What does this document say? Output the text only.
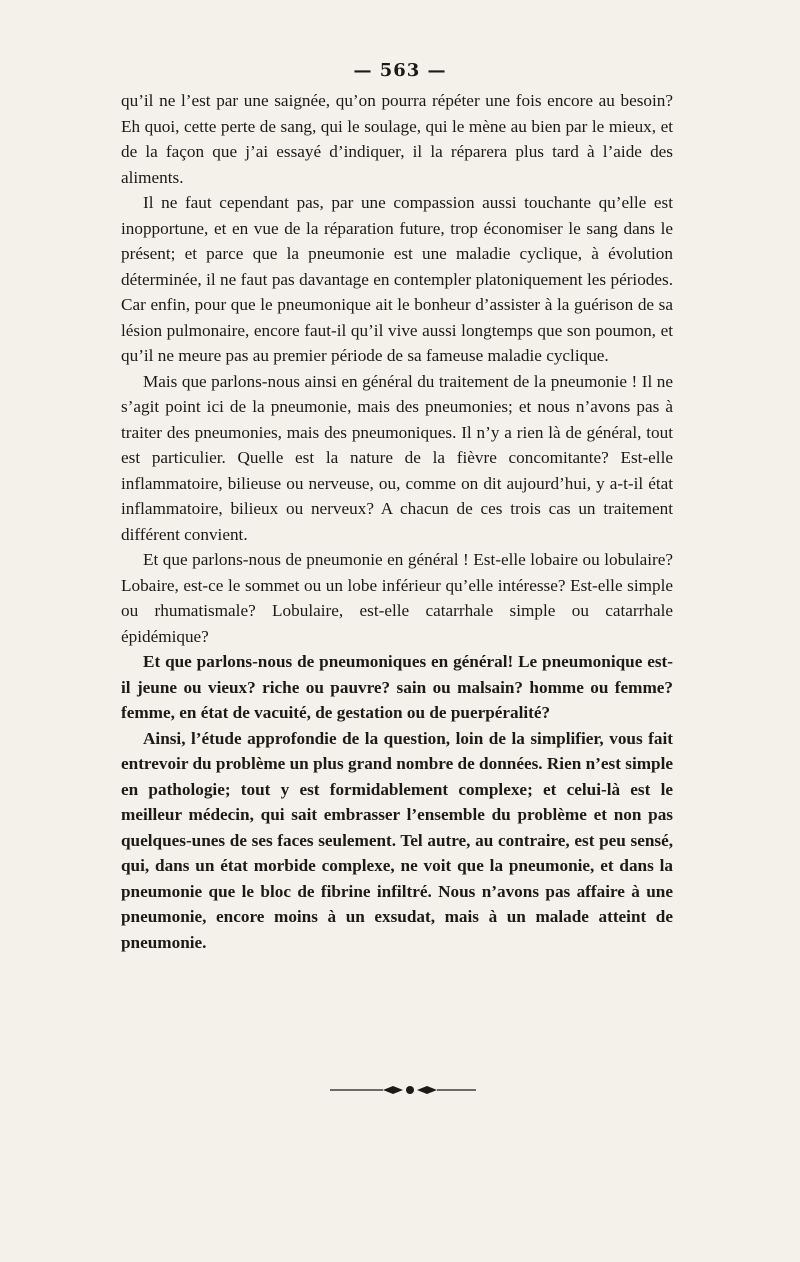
— 563 —

qu’il ne l’est par une saignée, qu’on pourra répéter une fois encore au besoin? Eh quoi, cette perte de sang, qui le soulage, qui le mène au bien par le mieux, et de la façon que j’ai essayé d’indiquer, il la réparera plus tard à l’aide des aliments.

Il ne faut cependant pas, par une compassion aussi touchante qu’elle est inopportune, et en vue de la réparation future, trop économiser le sang dans le présent; et parce que la pneumonie est une maladie cyclique, à évolution déterminée, il ne faut pas davantage en contempler platoniquement les périodes. Car enfin, pour que le pneumonique ait le bonheur d’assister à la guérison de sa lésion pulmonaire, encore faut-il qu’il vive aussi longtemps que son poumon, et qu’il ne meure pas au premier période de sa fameuse maladie cyclique.

Mais que parlons-nous ainsi en général du traitement de la pneumonie ! Il ne s’agit point ici de la pneumonie, mais des pneumonies; et nous n’avons pas à traiter des pneumonies, mais des pneumoniques. Il n’y a rien là de général, tout est particulier. Quelle est la nature de la fièvre concomitante? Est-elle inflammatoire, bilieuse ou nerveuse, ou, comme on dit aujourd’hui, y a-t-il état inflammatoire, bilieux ou nerveux? A chacun de ces trois cas un traitement différent convient.

Et que parlons-nous de pneumonie en général ! Est-elle lobaire ou lobulaire? Lobaire, est-ce le sommet ou un lobe inférieur qu’elle intéresse? Est-elle simple ou rhumatismale? Lobulaire, est-elle catarrhale simple ou catarrhale épidémique?

Et que parlons-nous de pneumoniques en général! Le pneumonique est-il jeune ou vieux? riche ou pauvre? sain ou malsain? homme ou femme? femme, en état de vacuité, de gestation ou de puerpéralité?

Ainsi, l’étude approfondie de la question, loin de la simplifier, vous fait entrevoir du problème un plus grand nombre de données. Rien n’est simple en pathologie; tout y est formidablement complexe; et celui-là est le meilleur médecin, qui sait embrasser l’ensemble du problème et non pas quelques-unes de ses faces seulement. Tel autre, au contraire, est peu sensé, qui, dans un état morbide complexe, ne voit que la pneumonie, et dans la pneumonie que le bloc de fibrine infiltré. Nous n’avons pas affaire à une pneumonie, encore moins à un exsudat, mais à un malade atteint de pneumonie.
